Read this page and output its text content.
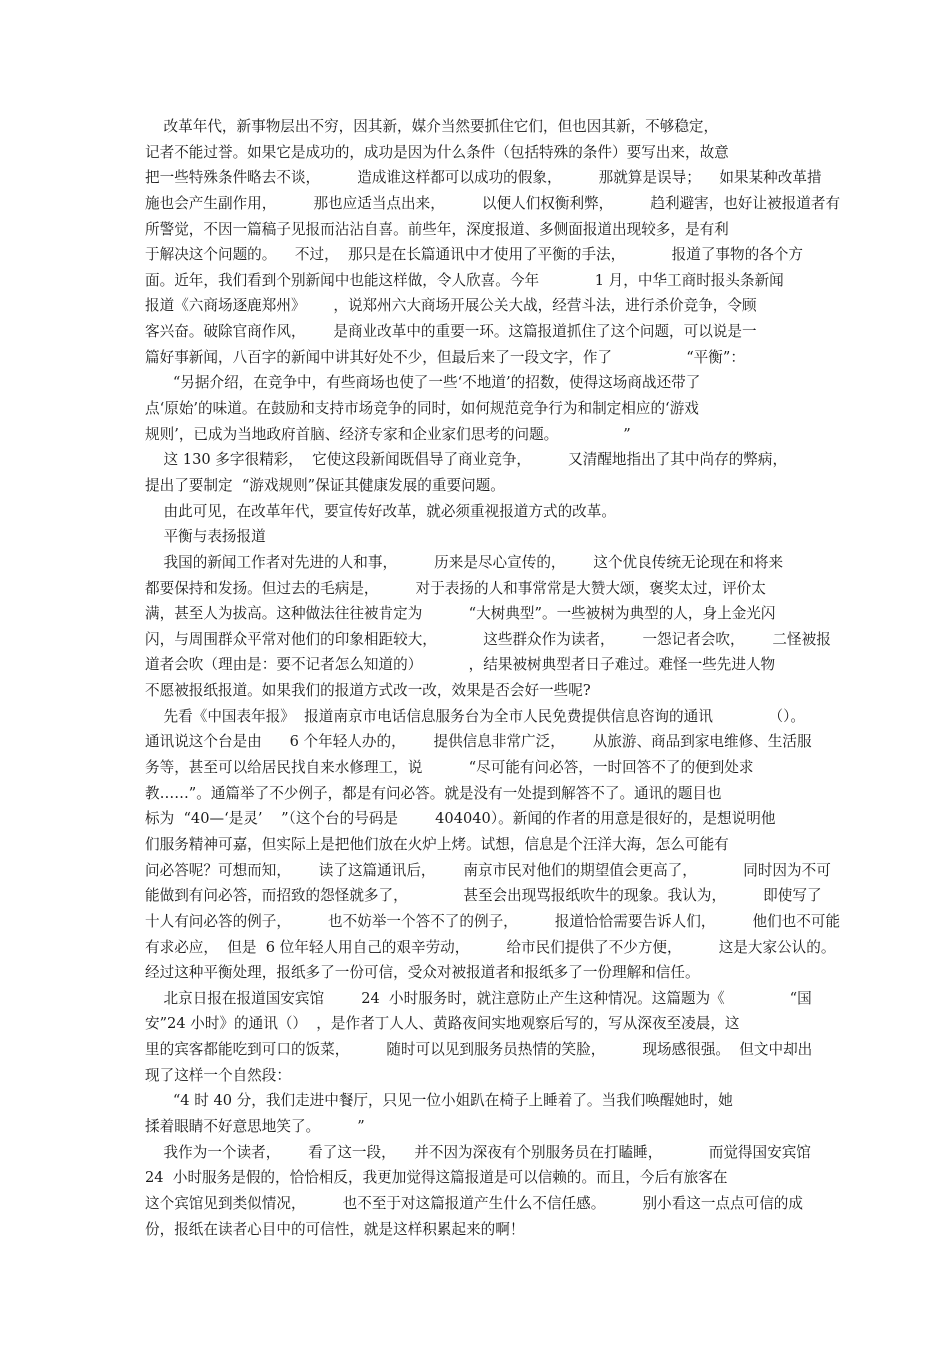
改革年代，新事物层出不穷，因其新，媒介当然要抓住它们，但也因其新，不够稳定，
记者不能过誉。如果它是成功的，成功是因为什么条件（包括特殊的条件）要写出来，故意
把一些特殊条件略去不谈，        造成谁这样都可以成功的假象，        那就算是误导；    如果某种改革措
施也会产生副作用，        那也应适当点出来，        以便人们权衡利弊，        趋利避害，也好让被报道者有
所警觉，不因一篇稿子见报而沾沾自喜。前些年，深度报道、多侧面报道出现较多，是有利
于解决这个问题的。    不过，  那只是在长篇通讯中才使用了平衡的手法，          报道了事物的各个方
面。近年，我们看到个别新闻中也能这样做，令人欣喜。今年            1 月，中华工商时报头条新闻
报道《六商场逐鹿郑州》      ，说郑州六大商场开展公关大战，经营斗法，进行杀价竞争，令顾
客兴奋。破除官商作风，      是商业改革中的重要一环。这篇报道抓住了这个问题，可以说是一
篇好事新闻，八百字的新闻中讲其好处不少，但最后来了一段文字，作了                “平衡”：
“另据介绍，在竞争中，有些商场也使了一些‘不地道’的招数，使得这场商战还带了
点‘原始’的味道。在鼓励和支持市场竞争的同时，如何规范竞争行为和制定相应的‘游戏
规则’，已成为当地政府首脑、经济专家和企业家们思考的问题。              ”
这 130 多字很精彩，  它使这段新闻既倡导了商业竞争，        又清醒地指出了其中尚存的弊病，
提出了要制定  “游戏规则”保证其健康发展的重要问题。
由此可见，在改革年代，要宣传好改革，就必须重视报道方式的改革。
平衡与表扬报道
我国的新闻工作者对先进的人和事，        历来是尽心宣传的，      这个优良传统无论现在和将来
都要保持和发扬。但过去的毛病是，        对于表扬的人和事常常是大赞大颂，褒奖太过，评价太
满，甚至人为拔高。这种做法往往被肯定为          “大树典型”。一些被树为典型的人，身上金光闪
闪，与周围群众平常对他们的印象相距较大，          这些群众作为读者，      一怨记者会吹，      二怪被报
道者会吹（理由是：要不记者怎么知道的）          ，结果被树典型者日子难过。难怪一些先进人物
不愿被报纸报道。如果我们的报道方式改一改，效果是否会好一些呢?
先看《中国表年报》  报道南京市电话信息服务台为全市人民免费提供信息咨询的通讯            （）。
通讯说这个台是由      6 个年轻人办的，      提供信息非常广泛，      从旅游、商品到家电维修、生活服
务等，甚至可以给居民找自来水修理工，说          “尽可能有问必答，一时回答不了的便到处求
教……”。通篇举了不少例子，都是有问必答。就是没有一处提到解答不了。通讯的题目也
标为  “40—‘是灵’    ”（这个台的号码是        404040）。新闻的作者的用意是很好的，是想说明他
们服务精神可嘉，但实际上是把他们放在火炉上烤。试想，信息是个汪洋大海，怎么可能有
问必答呢？可想而知，      读了这篇通讯后，      南京市民对他们的期望值会更高了，          同时因为不可
能做到有问必答，而招致的怨怪就多了，            甚至会出现骂报纸吹牛的现象。我认为，        即使写了
十人有问必答的例子，        也不妨举一个答不了的例子，        报道恰恰需要告诉人们，        他们也不可能
有求必应，  但是  6 位年轻人用自己的艰辛劳动，        给市民们提供了不少方便，        这是大家公认的。
经过这种平衡处理，报纸多了一份可信，受众对被报道者和报纸多了一份理解和信任。
北京日报在报道国安宾馆        24  小时服务时，就注意防止产生这种情况。这篇题为《              “国
安”24 小时》的通讯（）  ，是作者丁人人、黄路夜间实地观察后写的，写从深夜至凌晨，这
里的宾客都能吃到可口的饭菜，        随时可以见到服务员热情的笑脸，        现场感很强。  但文中却出
现了这样一个自然段：
“4 时 40 分，我们走进中餐厅，只见一位小姐趴在椅子上睡着了。当我们唤醒她时，她
揉着眼睛不好意思地笑了。        ”
我作为一个读者，      看了这一段，    并不因为深夜有个别服务员在打瞌睡，          而觉得国安宾馆
24  小时服务是假的，恰恰相反，我更加觉得这篇报道是可以信赖的。而且，今后有旅客在
这个宾馆见到类似情况，        也不至于对这篇报道产生什么不信任感。        别小看这一点点可信的成
份，报纸在读者心目中的可信性，就是这样积累起来的啊！
